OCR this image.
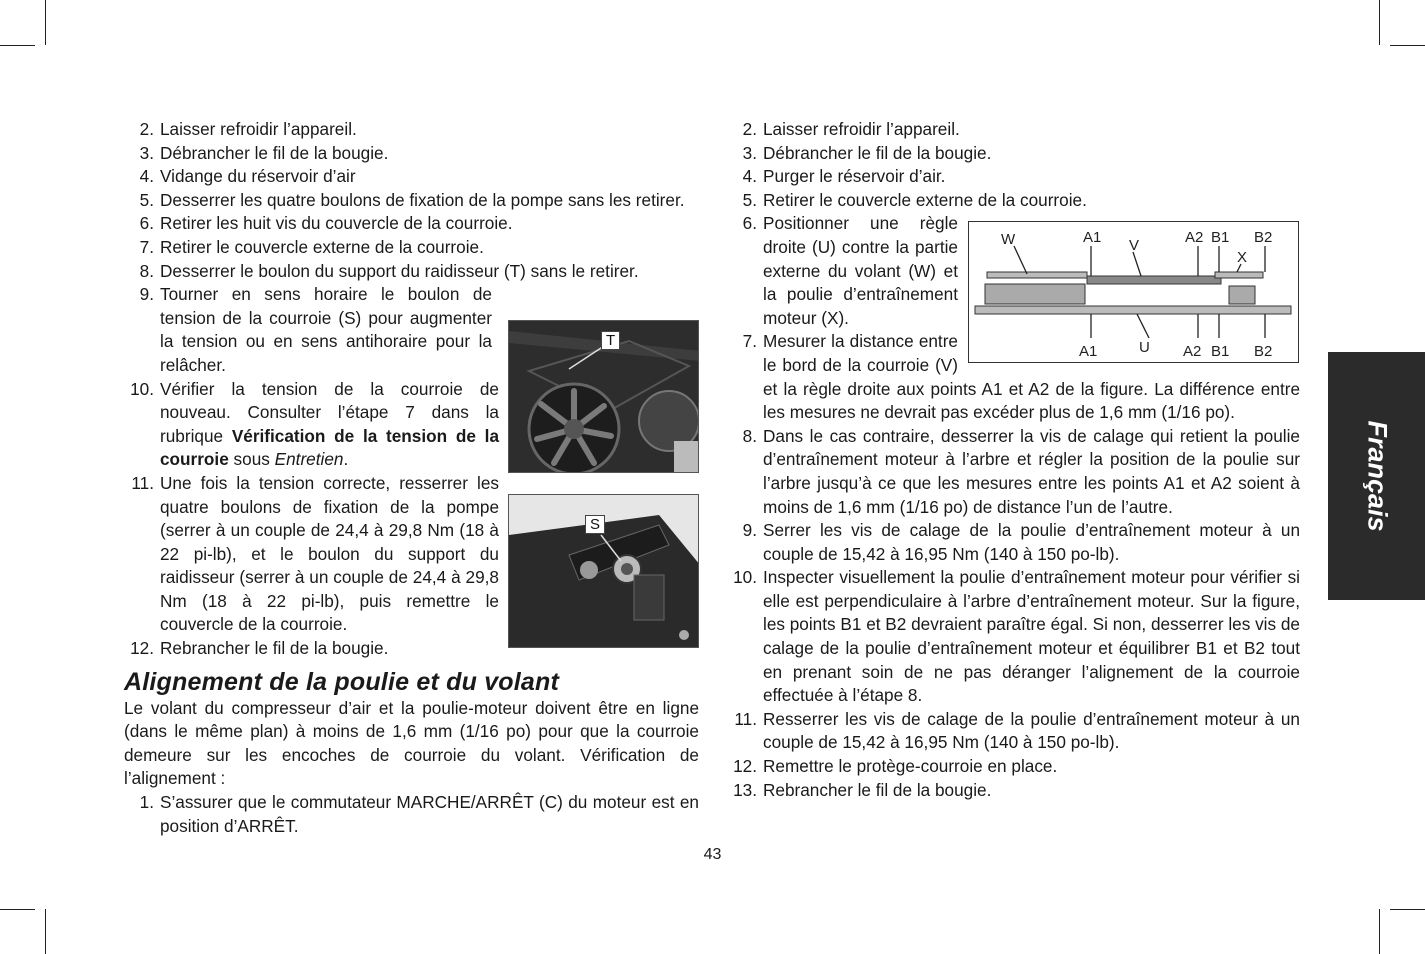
2. Laisser refroidir l’appareil.
3. Débrancher le fil de la bougie.
4. Vidange du réservoir d’air
5. Desserrer les quatre boulons de fixation de la pompe sans les retirer.
6. Retirer les huit vis du couvercle de la courroie.
7. Retirer le couvercle externe de la courroie.
8. Desserrer le boulon du support du raidisseur (T) sans le retirer.
9. Tourner en sens horaire le boulon de tension de la courroie (S) pour augmenter la tension ou en sens antihoraire pour la relâcher.
10. Vérifier la tension de la courroie de nouveau. Consulter l’étape 7 dans la rubrique Vérification de la tension de la courroie sous Entretien.
11. Une fois la tension correcte, resserrer les quatre boulons de fixation de la pompe (serrer à un couple de 24,4 à 29,8 Nm (18 à 22 pi-lb), et le boulon du support du raidisseur (serrer à un couple de 24,4 à 29,8 Nm (18 à 22 pi-lb), puis remettre le couvercle de la courroie.
12. Rebrancher le fil de la bougie.
Alignement de la poulie et du volant
Le volant du compresseur d’air et la poulie-moteur doivent être en ligne (dans le même plan) à moins de 1,6 mm (1/16 po) pour que la courroie demeure sur les encoches de courroie du volant. Vérification de l’alignement :
1. S’assurer que le commutateur MARCHE/ARRÊT (C) du moteur est en position d’ARRÊT.
T
S
2. Laisser refroidir l’appareil.
3. Débrancher le fil de la bougie.
4. Purger le réservoir d’air.
5. Retirer le couvercle externe de la courroie.
6. Positionner une règle droite (U) contre la partie externe du volant (W) et la poulie d’entraînement moteur (X).
7. Mesurer la distance entre le bord de la courroie (V) et la règle droite aux points A1 et A2 de la figure. La différence entre les mesures ne devrait pas excéder plus de 1,6 mm (1/16 po).
8. Dans le cas contraire, desserrer la vis de calage qui retient la poulie d’entraînement moteur à l’arbre et régler la position de la poulie sur l’arbre jusqu’à ce que les mesures entre les points A1 et A2 soient à moins de 1,6 mm (1/16 po) de distance l’un de l’autre.
9. Serrer les vis de calage de la poulie d’entraînement moteur à un couple de 15,42 à 16,95 Nm (140 à 150 po-lb).
10. Inspecter visuellement la poulie d’entraînement moteur pour vérifier si elle est perpendiculaire à l’arbre d’entraînement moteur. Sur la figure, les points B1 et B2 devraient paraître égal. Si non, desserrer les vis de calage de la poulie d’entraînement moteur et équilibrer B1 et B2 tout en prenant soin de ne pas déranger l’alignement de la courroie effectuée à l’étape 8.
11. Resserrer les vis de calage de la poulie d’entraînement moteur à un couple de 15,42 à 16,95 Nm (140 à 150 po-lb).
12. Remettre le protège-courroie en place.
13. Rebrancher le fil de la bougie.
W	A1 V	A2 B1 B2
X
A1	U A2 B1 B2
Français
43
